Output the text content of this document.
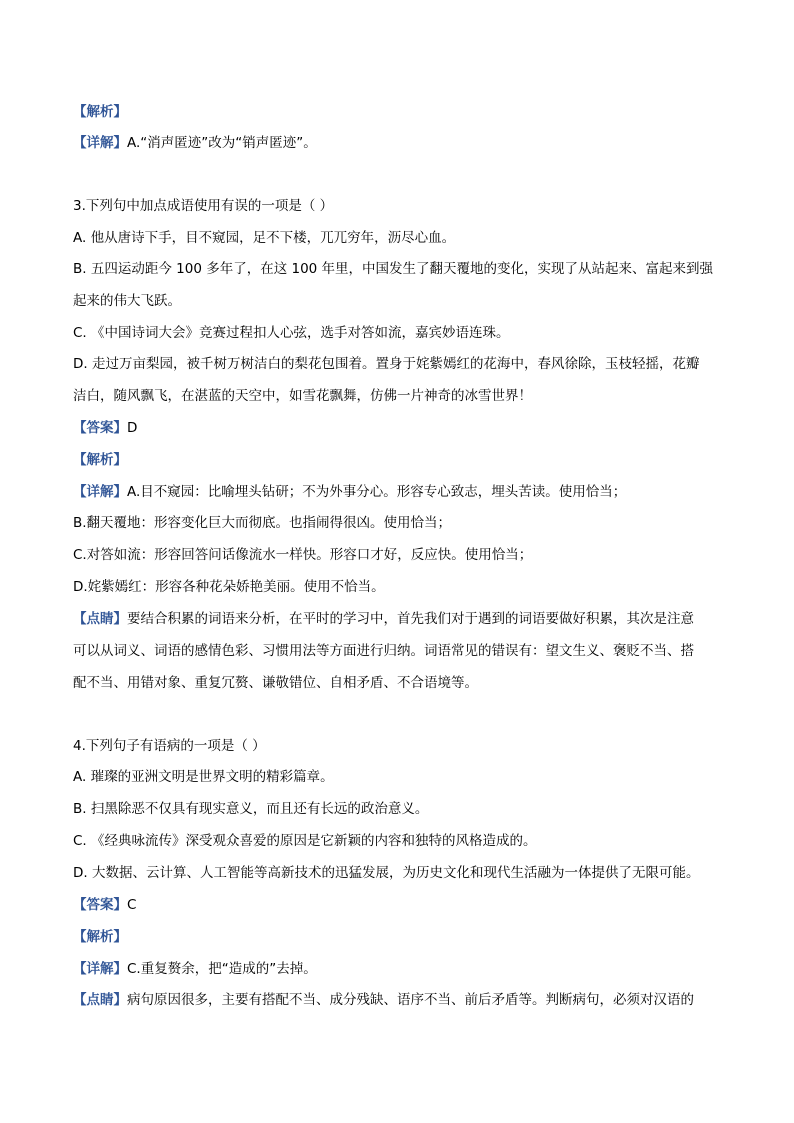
【解析】
【详解】A.“消声匿迹”改为“销声匿迹”。
3.下列句中加点成语使用有误的一项是（ ）
A. 他从唐诗下手，目不窥园，足不下楼，兀兀穷年，沥尽心血。
B. 五四运动距今 100 多年了，在这 100 年里，中国发生了翻天覆地的变化，实现了从站起来、富起来到强
起来的伟大飞跃。
C. 《中国诗词大会》竞赛过程扣人心弦，选手对答如流，嘉宾妙语连珠。
D. 走过万亩梨园，被千树万树洁白的梨花包围着。置身于姹紫嫣红的花海中，春风徐除，玉枝轻摇，花瓣
洁白，随风飘飞，在湛蓝的天空中，如雪花飘舞，仿佛一片神奇的冰雪世界！
【答案】D
【解析】
【详解】A.目不窥园：比喻埋头钻研；不为外事分心。形容专心致志，埋头苦读。使用恰当；
B.翻天覆地：形容变化巨大而彻底。也指闹得很凶。使用恰当；
C.对答如流：形容回答问话像流水一样快。形容口才好，反应快。使用恰当；
D.姹紫嫣红：形容各种花朵娇艳美丽。使用不恰当。
【点睛】要结合积累的词语来分析，在平时的学习中，首先我们对于遇到的词语要做好积累，其次是注意
可以从词义、词语的感情色彩、习惯用法等方面进行归纳。词语常见的错误有：望文生义、褒贬不当、搭
配不当、用错对象、重复冗赘、谦敬错位、自相矛盾、不合语境等。
4.下列句子有语病的一项是（ ）
A. 璀璨的亚洲文明是世界文明的精彩篇章。
B. 扫黑除恶不仅具有现实意义，而且还有长远的政治意义。
C. 《经典咏流传》深受观众喜爱的原因是它新颖的内容和独特的风格造成的。
D. 大数据、云计算、人工智能等高新技术的迅猛发展，为历史文化和现代生活融为一体提供了无限可能。
【答案】C
【解析】
【详解】C.重复赘余，把“造成的”去掉。
【点睛】病句原因很多，主要有搭配不当、成分残缺、语序不当、前后矛盾等。判断病句，必须对汉语的
